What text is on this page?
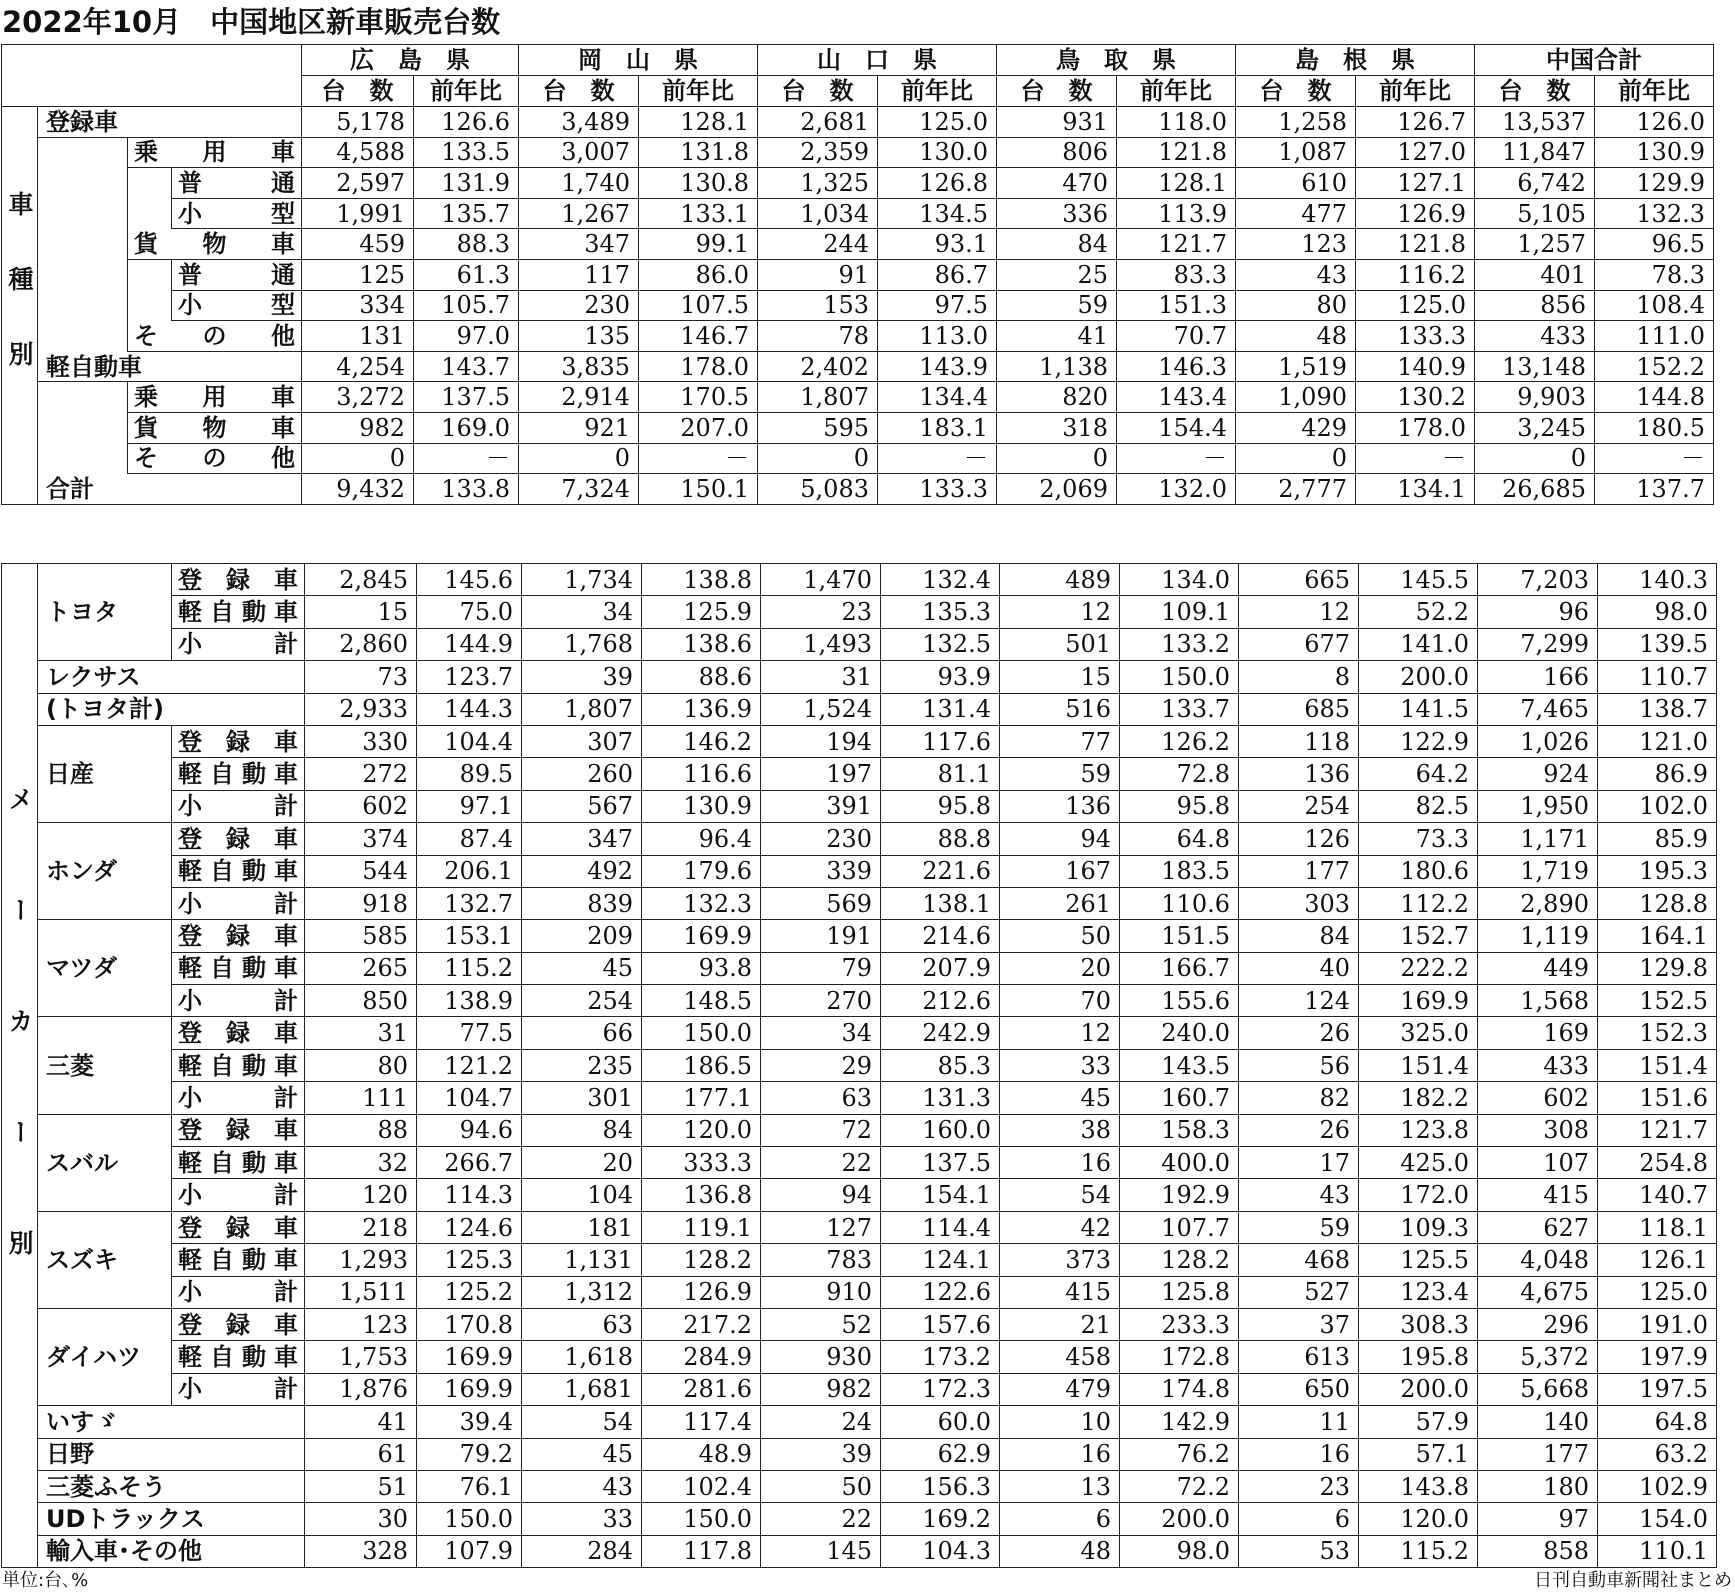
2022年10月　中国地区新車販売台数
				広　島　県		岡　山　県		山　口　県		鳥　取　県		島　根　県		中国合計	
				台　数	前年比	台　数	前年比	台　数	前年比	台　数	前年比	台　数	前年比	台　数	前年比
車種別	登録車			5,178	126.6	3,489	128.1	2,681	125.0	931	118.0	1,258	126.7	13,537	126.0
		乗　用　車		4,588	133.5	3,007	131.8	2,359	130.0	806	121.8	1,087	127.0	11,847	130.9
			普　通	2,597	131.9	1,740	130.8	1,325	126.8	470	128.1	610	127.1	6,742	129.9
			小　型	1,991	135.7	1,267	133.1	1,034	134.5	336	113.9	477	126.9	5,105	132.3
		貨　物　車		459	88.3	347	99.1	244	93.1	84	121.7	123	121.8	1,257	96.5
			普　通	125	61.3	117	86.0	91	86.7	25	83.3	43	116.2	401	78.3
			小　型	334	105.7	230	107.5	153	97.5	59	151.3	80	125.0	856	108.4
		そ　の　他		131	97.0	135	146.7	78	113.0	41	70.7	48	133.3	433	111.0
	軽自動車			4,254	143.7	3,835	178.0	2,402	143.9	1,138	146.3	1,519	140.9	13,148	152.2
		乗　用　車		3,272	137.5	2,914	170.5	1,807	134.4	820	143.4	1,090	130.2	9,903	144.8
		貨　物　車		982	169.0	921	207.0	595	183.1	318	154.4	429	178.0	3,245	180.5
		そ　の　他		0	－	0	－	0	－	0	－	0	－	0	－
	合計			9,432	133.8	7,324	150.1	5,083	133.3	2,069	132.0	2,777	134.1	26,685	137.7
メーカー別	トヨタ	登　録　車	2,845	145.6	1,734	138.8	1,470	132.4	489	134.0	665	145.5	7,203	140.3
		軽自動車	15	75.0	34	125.9	23	135.3	12	109.1	12	52.2	96	98.0
		小　計	2,860	144.9	1,768	138.6	1,493	132.5	501	133.2	677	141.0	7,299	139.5
	レクサス		73	123.7	39	88.6	31	93.9	15	150.0	8	200.0	166	110.7
	(トヨタ計)		2,933	144.3	1,807	136.9	1,524	131.4	516	133.7	685	141.5	7,465	138.7
	日産	登　録　車	330	104.4	307	146.2	194	117.6	77	126.2	118	122.9	1,026	121.0
		軽自動車	272	89.5	260	116.6	197	81.1	59	72.8	136	64.2	924	86.9
		小　計	602	97.1	567	130.9	391	95.8	136	95.8	254	82.5	1,950	102.0
	ホンダ	登　録　車	374	87.4	347	96.4	230	88.8	94	64.8	126	73.3	1,171	85.9
		軽自動車	544	206.1	492	179.6	339	221.6	167	183.5	177	180.6	1,719	195.3
		小　計	918	132.7	839	132.3	569	138.1	261	110.6	303	112.2	2,890	128.8
	マツダ	登　録　車	585	153.1	209	169.9	191	214.6	50	151.5	84	152.7	1,119	164.1
		軽自動車	265	115.2	45	93.8	79	207.9	20	166.7	40	222.2	449	129.8
		小　計	850	138.9	254	148.5	270	212.6	70	155.6	124	169.9	1,568	152.5
	三菱	登　録　車	31	77.5	66	150.0	34	242.9	12	240.0	26	325.0	169	152.3
		軽自動車	80	121.2	235	186.5	29	85.3	33	143.5	56	151.4	433	151.4
		小　計	111	104.7	301	177.1	63	131.3	45	160.7	82	182.2	602	151.6
	スバル	登　録　車	88	94.6	84	120.0	72	160.0	38	158.3	26	123.8	308	121.7
		軽自動車	32	266.7	20	333.3	22	137.5	16	400.0	17	425.0	107	254.8
		小　計	120	114.3	104	136.8	94	154.1	54	192.9	43	172.0	415	140.7
	スズキ	登　録　車	218	124.6	181	119.1	127	114.4	42	107.7	59	109.3	627	118.1
		軽自動車	1,293	125.3	1,131	128.2	783	124.1	373	128.2	468	125.5	4,048	126.1
		小　計	1,511	125.2	1,312	126.9	910	122.6	415	125.8	527	123.4	4,675	125.0
	ダイハツ	登　録　車	123	170.8	63	217.2	52	157.6	21	233.3	37	308.3	296	191.0
		軽自動車	1,753	169.9	1,618	284.9	930	173.2	458	172.8	613	195.8	5,372	197.9
		小　計	1,876	169.9	1,681	281.6	982	172.3	479	174.8	650	200.0	5,668	197.5
	いすゞ		41	39.4	54	117.4	24	60.0	10	142.9	11	57.9	140	64.8
	日野		61	79.2	45	48.9	39	62.9	16	76.2	16	57.1	177	63.2
	三菱ふそう		51	76.1	43	102.4	50	156.3	13	72.2	23	143.8	180	102.9
	UDトラックス		30	150.0	33	150.0	22	169.2	6	200.0	6	120.0	97	154.0
	輸入車･その他		328	107.9	284	117.8	145	104.3	48	98.0	53	115.2	858	110.1
単位:台､%	日刊自動車新聞社まとめ
